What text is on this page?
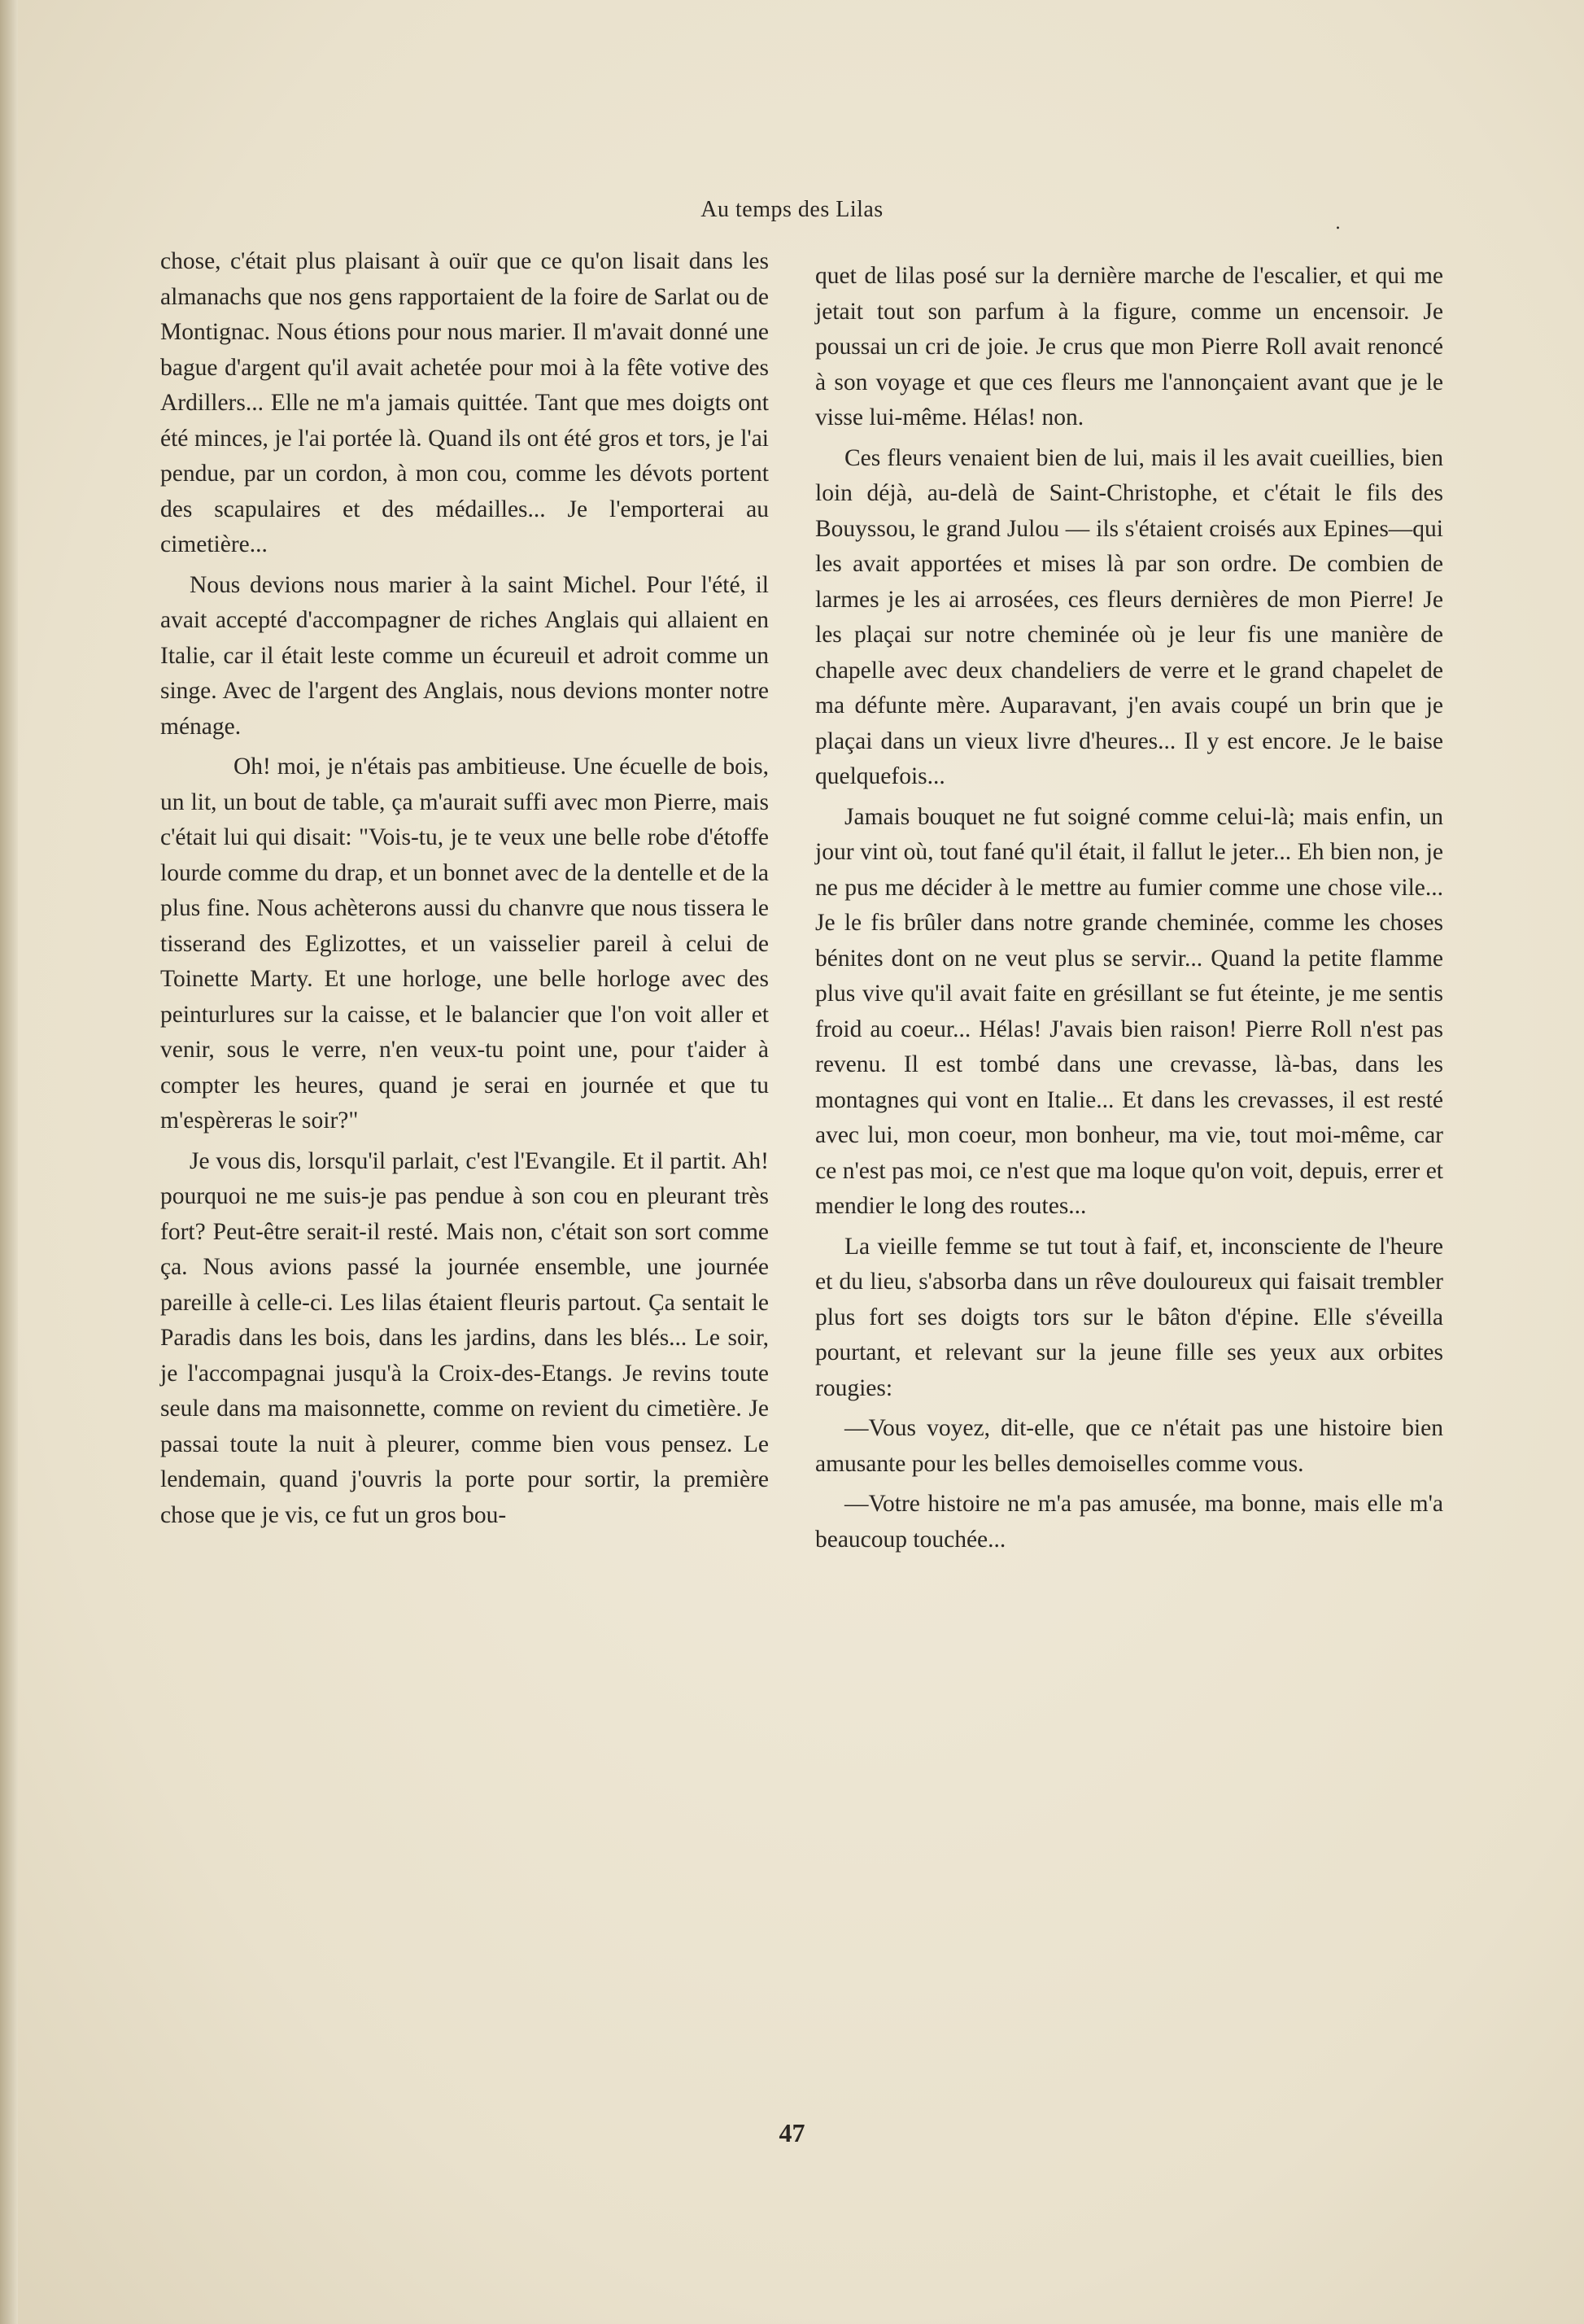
Au temps des Lilas
.

chose, c'était plus plaisant à ouïr que ce qu'on lisait dans les almanachs que nos gens rapportaient de la foire de Sarlat ou de Montignac. Nous étions pour nous marier. Il m'avait donné une bague d'argent qu'il avait achetée pour moi à la fête votive des Ardillers... Elle ne m'a jamais quittée. Tant que mes doigts ont été minces, je l'ai portée là. Quand ils ont été gros et tors, je l'ai pendue, par un cordon, à mon cou, comme les dévots portent des scapulaires et des médailles... Je l'emporterai au cimetière...

Nous devions nous marier à la saint Michel. Pour l'été, il avait accepté d'accompagner de riches Anglais qui allaient en Italie, car il était leste comme un écureuil et adroit comme un singe. Avec de l'argent des Anglais, nous devions monter notre ménage.

Oh! moi, je n'étais pas ambitieuse. Une écuelle de bois, un lit, un bout de table, ça m'aurait suffi avec mon Pierre, mais c'était lui qui disait: "Vois-tu, je te veux une belle robe d'étoffe lourde comme du drap, et un bonnet avec de la dentelle et de la plus fine. Nous achèterons aussi du chanvre que nous tissera le tisserand des Eglizottes, et un vaisselier pareil à celui de Toinette Marty. Et une horloge, une belle horloge avec des peinturlures sur la caisse, et le balancier que l'on voit aller et venir, sous le verre, n'en veux-tu point une, pour t'aider à compter les heures, quand je serai en journée et que tu m'espèreras le soir?"

Je vous dis, lorsqu'il parlait, c'est l'Evangile. Et il partit. Ah! pourquoi ne me suis-je pas pendue à son cou en pleurant très fort? Peut-être serait-il resté. Mais non, c'était son sort comme ça. Nous avions passé la journée ensemble, une journée pareille à celle-ci. Les lilas étaient fleuris partout. Ça sentait le Paradis dans les bois, dans les jardins, dans les blés... Le soir, je l'accompagnai jusqu'à la Croix-des-Etangs. Je revins toute seule dans ma maisonnette, comme on revient du cimetière. Je passai toute la nuit à pleurer, comme bien vous pensez. Le lendemain, quand j'ouvris la porte pour sortir, la première chose que je vis, ce fut un gros bou-

quet de lilas posé sur la dernière marche de l'escalier, et qui me jetait tout son parfum à la figure, comme un encensoir. Je poussai un cri de joie. Je crus que mon Pierre Roll avait renoncé à son voyage et que ces fleurs me l'annonçaient avant que je le visse lui-même. Hélas! non.

Ces fleurs venaient bien de lui, mais il les avait cueillies, bien loin déjà, au-delà de Saint-Christophe, et c'était le fils des Bouyssou, le grand Julou — ils s'étaient croisés aux Epines—qui les avait apportées et mises là par son ordre. De combien de larmes je les ai arrosées, ces fleurs dernières de mon Pierre! Je les plaçai sur notre cheminée où je leur fis une manière de chapelle avec deux chandeliers de verre et le grand chapelet de ma défunte mère. Auparavant, j'en avais coupé un brin que je plaçai dans un vieux livre d'heures... Il y est encore. Je le baise quelquefois...

Jamais bouquet ne fut soigné comme celui-là; mais enfin, un jour vint où, tout fané qu'il était, il fallut le jeter... Eh bien non, je ne pus me décider à le mettre au fumier comme une chose vile... Je le fis brûler dans notre grande cheminée, comme les choses bénites dont on ne veut plus se servir... Quand la petite flamme plus vive qu'il avait faite en grésillant se fut éteinte, je me sentis froid au coeur... Hélas! J'avais bien raison! Pierre Roll n'est pas revenu. Il est tombé dans une crevasse, là-bas, dans les montagnes qui vont en Italie... Et dans les crevasses, il est resté avec lui, mon coeur, mon bonheur, ma vie, tout moi-même, car ce n'est pas moi, ce n'est que ma loque qu'on voit, depuis, errer et mendier le long des routes...

La vieille femme se tut tout à faif, et, inconsciente de l'heure et du lieu, s'absorba dans un rêve douloureux qui faisait trembler plus fort ses doigts tors sur le bâton d'épine. Elle s'éveilla pourtant, et relevant sur la jeune fille ses yeux aux orbites rougies:

—Vous voyez, dit-elle, que ce n'était pas une histoire bien amusante pour les belles demoiselles comme vous.

—Votre histoire ne m'a pas amusée, ma bonne, mais elle m'a beaucoup touchée...

47
